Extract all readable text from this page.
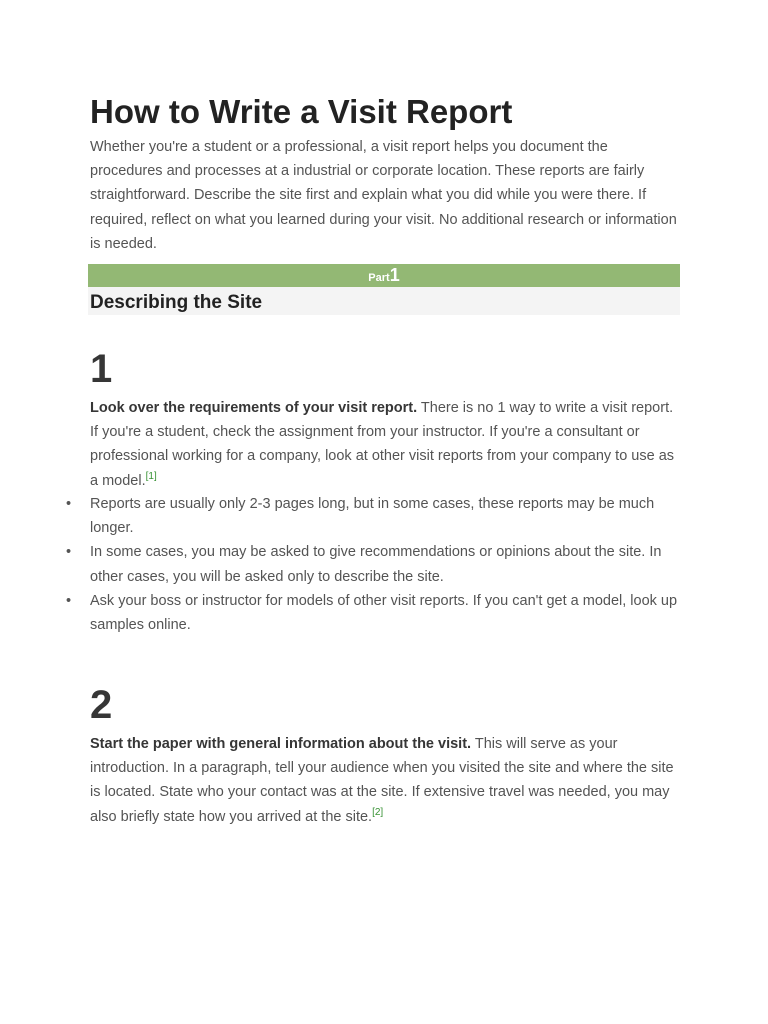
How to Write a Visit Report

Whether you're a student or a professional, a visit report helps you document the procedures and processes at a industrial or corporate location. These reports are fairly straightforward. Describe the site first and explain what you did while you were there. If required, reflect on what you learned during your visit. No additional research or information is needed.

Part1
Describing the Site
1

Look over the requirements of your visit report. There is no 1 way to write a visit report. If you're a student, check the assignment from your instructor. If you're a consultant or professional working for a company, look at other visit reports from your company to use as a model.[1]

• Reports are usually only 2-3 pages long, but in some cases, these reports may be much longer.
• In some cases, you may be asked to give recommendations or opinions about the site. In other cases, you will be asked only to describe the site.
• Ask your boss or instructor for models of other visit reports. If you can't get a model, look up samples online.
2

Start the paper with general information about the visit. This will serve as your introduction. In a paragraph, tell your audience when you visited the site and where the site is located. State who your contact was at the site. If extensive travel was needed, you may also briefly state how you arrived at the site.[2]
